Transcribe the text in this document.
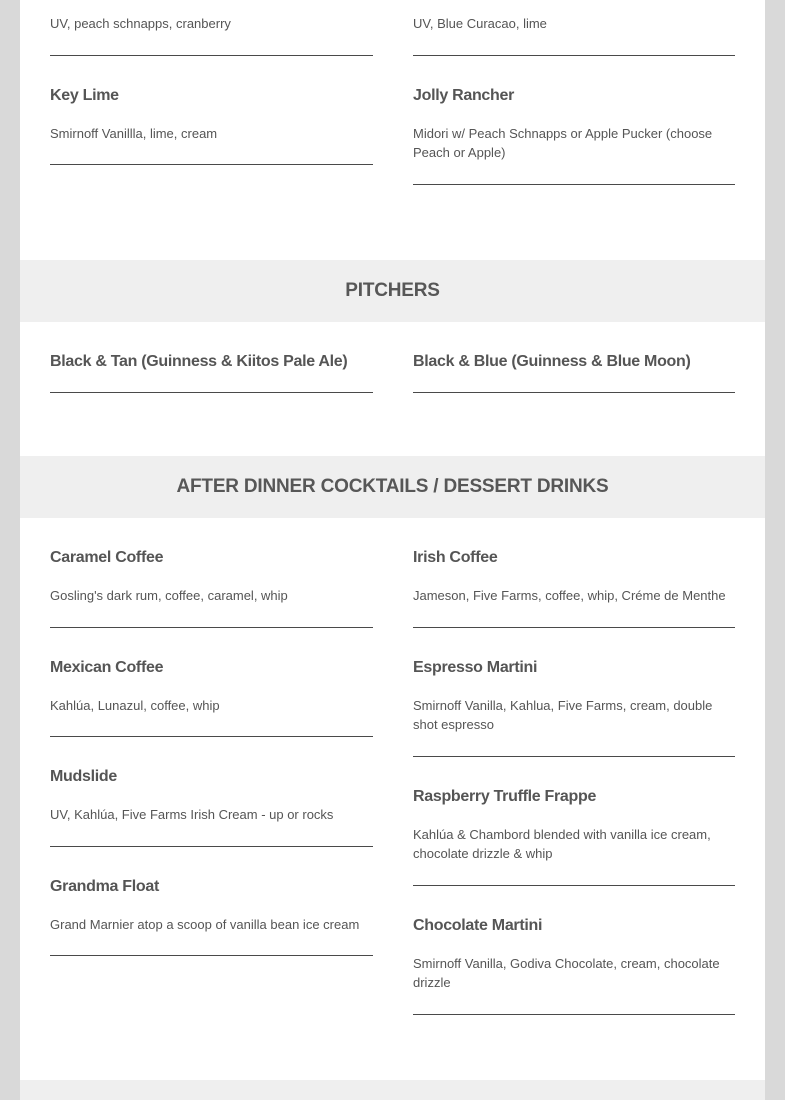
UV, peach schnapps, cranberry
Key Lime
Smirnoff Vanillla, lime, cream
UV, Blue Curacao, lime
Jolly Rancher
Midori w/ Peach Schnapps or Apple Pucker (choose Peach or Apple)
PITCHERS
Black & Tan (Guinness & Kiitos Pale Ale)	Black & Blue (Guinness & Blue Moon)
AFTER DINNER COCKTAILS / DESSERT DRINKS
Caramel Coffee
Gosling's dark rum, coffee, caramel, whip
Mexican Coffee
Kahlúa, Lunazul, coffee, whip
Mudslide
UV, Kahlúa, Five Farms Irish Cream - up or rocks
Grandma Float
Grand Marnier atop a scoop of vanilla bean ice cream
Irish Coffee
Jameson, Five Farms, coffee, whip, Créme de Menthe
Espresso Martini
Smirnoff Vanilla, Kahlua, Five Farms, cream, double shot espresso
Raspberry Truffle Frappe
Kahlúa & Chambord blended with vanilla ice cream, chocolate drizzle & whip
Chocolate Martini
Smirnoff Vanilla, Godiva Chocolate, cream, chocolate drizzle
